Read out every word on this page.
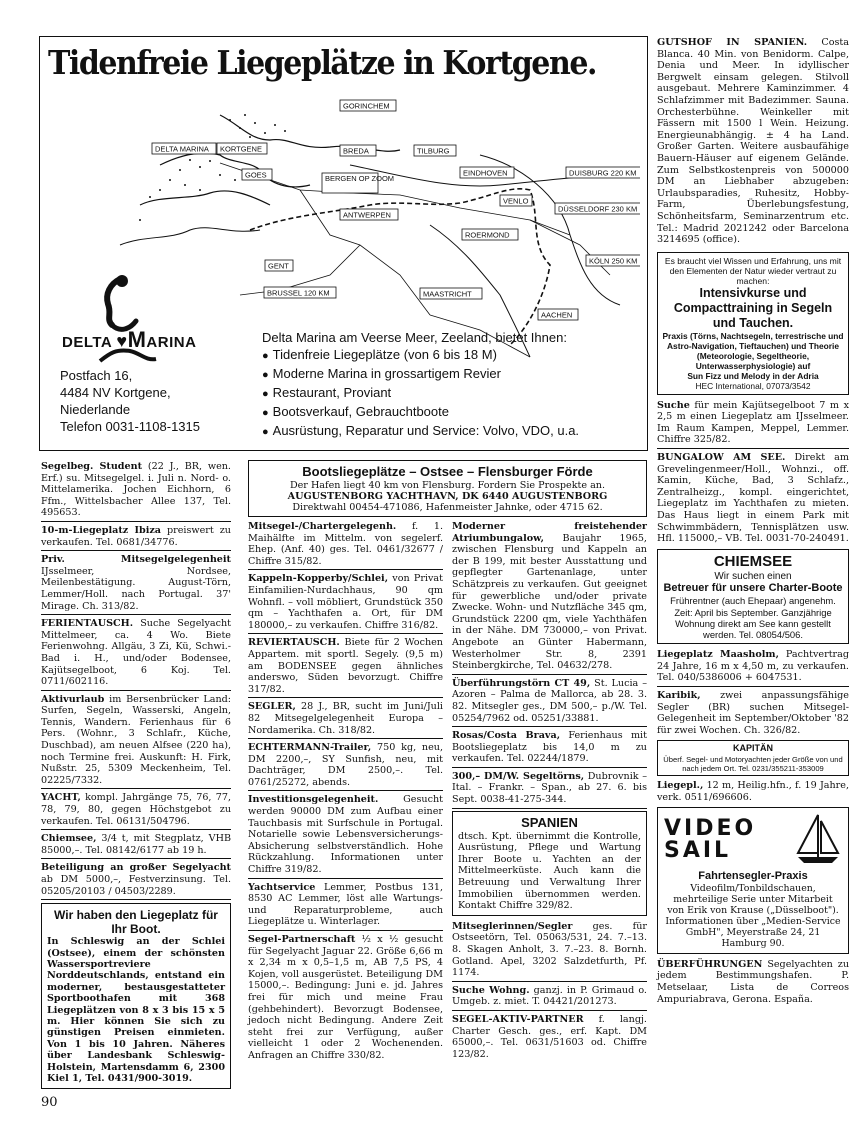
Tidenfreie Liegeplätze in Kortgene.
GORINCHEM
DELTA MARINA KORTGENE	BREDA	TILBURG
GOES	BERGEN OP ZOOM
EINDHOVEN	DUISBURG 220 KM
VENLO
DÜSSELDORF 230 KM
ANTWERPEN
ROERMOND
GENT
KÖLN 250 KM
BRUSSEL 120 KM	MAASTRICHT
AACHEN
DELTA ♥MARINA
Postfach 16,
4484 NV Kortgene,
Niederlande
Telefon 0031-1108-1315
Delta Marina am Veerse Meer, Zeeland, bietet Ihnen:
● Tidenfreie Liegeplätze (von 6 bis 18 M)
● Moderne Marina in grossartigem Revier
● Restaurant, Proviant
● Bootsverkauf, Gebrauchtboote
● Ausrüstung, Reparatur und Service: Volvo, VDO, u.a.
Segelbeg. Student (22 J., BR, wen. Erf.) su. Mitsegelgel. i. Juli n. Nord- o. Mittelamerika. Jochen Eichhorn, 6 Ffm., Wittelsbacher Allee 137, Tel. 495653.
10-m-Liegeplatz Ibiza preiswert zu verkaufen. Tel. 0681/34776.
Priv. Mitsegelgelegenheit IJsselmeer, Nordsee, Meilenbestätigung. August-Törn, Lemmer/Holl. nach Portugal. 37' Mirage. Ch. 313/82.
FERIENTAUSCH. Suche Segelyacht Mittelmeer, ca. 4 Wo. Biete Ferienwohng. Allgäu, 3 Zi, Kü, Schwi.-Bad i. H., und/oder Bodensee, Kajütsegelboot, 6 Koj. Tel. 0711/602116.
Aktivurlaub im Bersenbrücker Land: Surfen, Segeln, Wasserski, Angeln, Tennis, Wandern. Ferienhaus für 6 Pers. (Wohnr., 3 Schlafr., Küche, Duschbad), am neuen Alfsee (220 ha), noch Termine frei. Auskunft: H. Firk, Nußstr. 25, 5309 Meckenheim, Tel. 02225/7332.
YACHT, kompl. Jahrgänge 75, 76, 77, 78, 79, 80, gegen Höchstgebot zu verkaufen. Tel. 06131/504796.
Chiemsee, 3/4 t, mit Stegplatz, VHB 85000,–. Tel. 08142/6177 ab 19 h.
Beteiligung an großer Segelyacht ab DM 5000,–, Festverzinsung. Tel. 05205/20103 / 04503/2289.
Wir haben den Liegeplatz für Ihr Boot.
In Schleswig an der Schlei (Ostsee), einem der schönsten Wassersportreviere Norddeutschlands, entstand ein moderner, bestausgestatteter Sportboothafen mit 368 Liegeplätzen von 8 x 3 bis 15 x 5 m. Hier können Sie sich zu günstigen Preisen einmieten. Von 1 bis 10 Jahren. Näheres über Landesbank Schleswig-Holstein, Martensdamm 6, 2300 Kiel 1, Tel. 0431/900-3019.
Bootsliegeplätze – Ostsee – Flensburger Förde
Der Hafen liegt 40 km von Flensburg. Fordern Sie Prospekte an.
AUGUSTENBORG YACHTHAVN, DK 6440 AUGUSTENBORG
Direktwahl 00454-471086, Hafenmeister Jahnke, oder 4715 62.
Mitsegel-/Chartergelegenh. f. 1. Maihälfte im Mittelm. von segelerf. Ehep. (Anf. 40) ges. Tel. 0461/32677 / Chiffre 315/82.
Kappeln-Kopperby/Schlei, von Privat Einfamilien-Nurdachhaus, 90 qm Wohnfl. – voll möbliert, Grundstück 350 qm – Yachthafen a. Ort, für DM 180000,– zu verkaufen. Chiffre 316/82.
REVIERTAUSCH. Biete für 2 Wochen Appartem. mit sportl. Segely. (9,5 m) am BODENSEE gegen ähnliches anderswo, Süden bevorzugt. Chiffre 317/82.
SEGLER, 28 J., BR, sucht im Juni/Juli 82 Mitsegelgelegenheit Europa – Nordamerika. Ch. 318/82.
ECHTERMANN-Trailer, 750 kg, neu, DM 2200,–, SY Sunfish, neu, mit Dachträger, DM 2500,–. Tel. 0761/25272, abends.
Investitionsgelegenheit.	Gesucht werden 90000 DM zum Aufbau einer Tauchbasis mit Surfschule in Portugal. Notarielle sowie Lebensversicherungs-Absicherung selbstverständlich. Hohe Rückzahlung. Informationen unter Chiffre 319/82.
Yachtservice Lemmer, Postbus 131, 8530 AC Lemmer, löst alle Wartungs- und Reparaturprobleme, auch Liegeplätze u. Winterlager.
Segel-Partnerschaft ½ x ½ gesucht für Segelyacht Jaguar 22. Größe 6,66 m x 2,34 m x 0,5–1,5 m, AB 7,5 PS, 4 Kojen, voll ausgerüstet. Beteiligung DM 15000,–. Bedingung: Juni e. jd. Jahres frei für mich und meine Frau (gehbehindert). Bevorzugt Bodensee, jedoch nicht Bedingung. Andere Zeit steht frei zur Verfügung, außer vielleicht 1 oder 2 Wochenenden. Anfragen an Chiffre 330/82.
Moderner freistehender Atriumbungalow, Baujahr 1965, zwischen Flensburg und Kappeln an der B 199, mit bester Ausstattung und gepflegter Gartenanlage, unter Schätzpreis zu verkaufen. Gut geeignet für gewerbliche und/oder private Zwecke. Wohn- und Nutzfläche 345 qm, Grundstück 2200 qm, viele Yachthäfen in der Nähe. DM 730000,– von Privat. Angebote an Günter Habermann, Westerholmer Str. 8, 2391 Steinbergkirche, Tel. 04632/278.
Überführungstörn CT 49, St. Lucia – Azoren – Palma de Mallorca, ab 28. 3. 82. Mitsegler ges., DM 500,– p./W. Tel. 05254/7962 od. 05251/33881.
Rosas/Costa Brava, Ferienhaus mit Bootsliegeplatz bis 14,0 m zu verkaufen. Tel. 02244/1879.
300,– DM/W. Segeltörns, Dubrovnik – Ital. – Frankr. – Span., ab 27. 6. bis Sept. 0038-41-275-344.
SPANIEN
dtsch. Kpt. übernimmt die Kontrolle, Ausrüstung, Pflege und Wartung Ihrer Boote u. Yachten an der Mittelmeerküste. Auch kann die Betreuung und Verwaltung Ihrer Immobilien übernommen werden. Kontakt Chiffre 329/82.
Mitseglerinnen/Segler ges. für Ostseetörn, Tel. 05063/531, 24. 7.–13. 8. Skagen Anholt, 3. 7.–23. 8. Bornh. Gotland. Apel, 3202 Salzdetfurth, Pf. 1174.
Suche Wohng. ganzj. in P. Grimaud o. Umgeb. z. miet. T. 04421/201273.
SEGEL-AKTIV-PARTNER f. langj. Charter Gesch. ges., erf. Kapt. DM 65000,–. Tel. 0631/51603 od. Chiffre 123/82.
GUTSHOF IN SPANIEN. Costa Blanca. 40 Min. von Benidorm. Calpe, Denia und Meer. In idyllischer Bergwelt einsam gelegen. Stilvoll ausgebaut. Mehrere Kaminzimmer. 4 Schlafzimmer mit Badezimmer. Sauna. Orchesterbühne. Weinkeller mit Fässern mit 1500 l Wein. Heizung. Energieunabhängig. ± 4 ha Land. Großer Garten. Weitere ausbaufähige Bauern-Häuser auf eigenem Gelände. Zum Selbstkostenpreis von 500000 DM an Liebhaber abzugeben: Urlaubsparadies, Ruhesitz, Hobby-Farm, Überlebungsfestung, Schönheitsfarm, Seminarzentrum etc. Tel.: Madrid 2021242 oder Barcelona 3214695 (office).
Es braucht viel Wissen und Erfahrung, uns mit den Elementen der Natur wieder vertraut zu machen:
Intensivkurse und Compacttraining in Segeln und Tauchen.
Praxis (Törns, Nachtsegeln, terrestrische und Astro-Navigation, Tieftauchen) und Theorie (Meteorologie, Segeltheorie, Unterwasserphysiologie) auf
Sun Fizz und Melody in der Adria
HEC International, 07073/3542
Suche für mein Kajütsegelboot 7 m x 2,5 m einen Liegeplatz am IJsselmeer. Im Raum Kampen, Meppel, Lemmer. Chiffre 325/82.
BUNGALOW AM SEE. Direkt am Grevelingenmeer/Holl., Wohnzi., off. Kamin, Küche, Bad, 3 Schlafz., Zentralheizg., kompl. eingerichtet, Liegeplatz im Yachthafen zu mieten. Das Haus liegt in einem Park mit Schwimmbädern, Tennisplätzen usw. Hfl. 115000,– VB. Tel. 0031-70-240491.
CHIEMSEE
Wir suchen einen
Betreuer für unsere Charter-Boote
Frührentner (auch Ehepaar) angenehm. Zeit: April bis September. Ganzjährige Wohnung direkt am See kann gestellt werden. Tel. 08054/506.
Liegeplatz Maasholm, Pachtvertrag 24 Jahre, 16 m x 4,50 m, zu verkaufen. Tel. 040/5386006 + 6047531.
Karibik, zwei anpassungsfähige Segler (BR) suchen Mitsegel-Gelegenheit im September/Oktober '82 für zwei Wochen. Ch. 326/82.
KAPITÄN
Überf. Segel- und Motoryachten jeder Größe von und nach jedem Ort. Tel. 0231/355211-353009
Liegepl., 12 m, Heilig.hfn., f. 19 Jahre, verk. 0511/696606.
VIDEO
SAIL
Fahrtensegler-Praxis
Videofilm/Tonbildschauen, mehrteilige Serie unter Mitarbeit von Erik von Krause („Düsselboot"). Informationen über „Medien-Service GmbH", Meyerstraße 24, 21 Hamburg 90.
ÜBERFÜHRUNGEN Segelyachten zu jedem Bestimmungshafen. P. Metselaar, Lista de Correos Ampuriabrava, Gerona. España.
90
